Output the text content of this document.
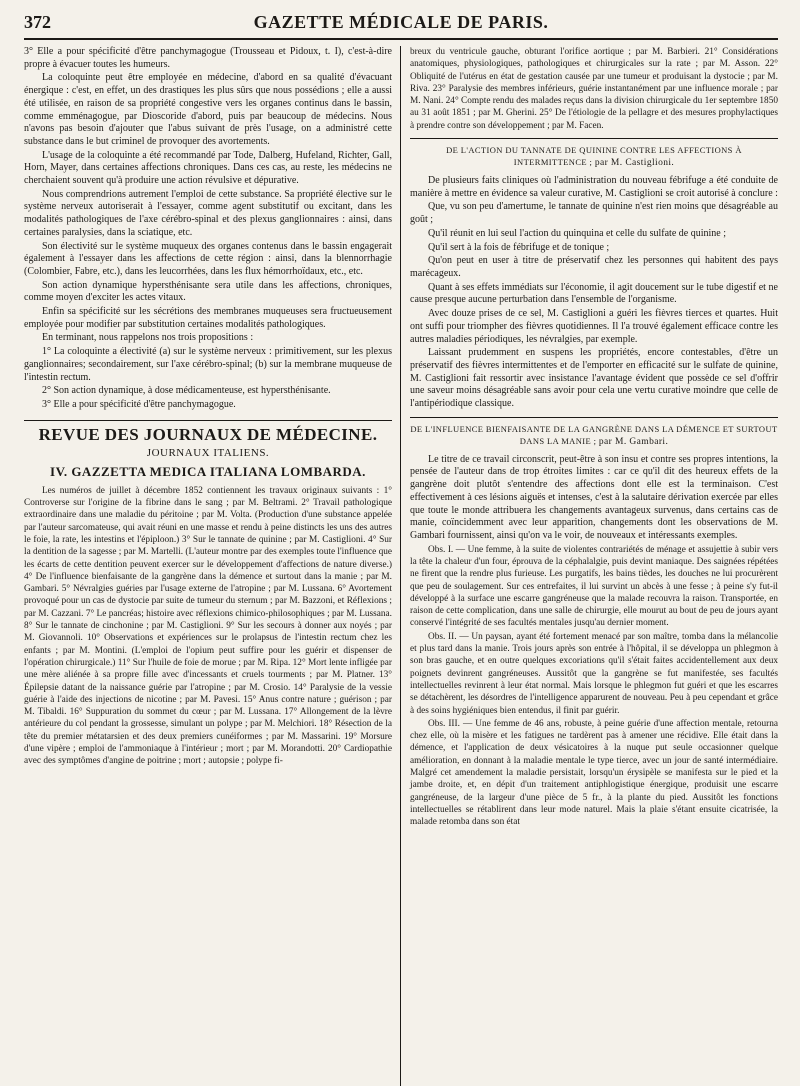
372	GAZETTE MÉDICALE DE PARIS.

3° Elle a pour spécificité d'être panchymagogue (Trousseau et Pidoux, t. I), c'est-à-dire propre à évacuer toutes les humeurs.

La coloquinte peut être employée en médecine, d'abord en sa qualité d'évacuant énergique : c'est, en effet, un des drastiques les plus sûrs que nous possédions ; elle a aussi été utilisée, en raison de sa propriété congestive vers les organes continus dans le bassin, comme emménagogue, par Dioscoride d'abord, puis par beaucoup de médecins. Nous n'avons pas besoin d'ajouter que l'abus suivant de près l'usage, on a administré cette substance dans le but criminel de provoquer des avortements.

L'usage de la coloquinte a été recommandé par Tode, Dalberg, Hufeland, Richter, Gall, Horn, Mayer, dans certaines affections chroniques. Dans ces cas, au reste, les médecins ne cherchaient souvent qu'à produire une action révulsive et dépurative.

Nous comprendrions autrement l'emploi de cette substance. Sa propriété élective sur le système nerveux autoriserait à l'essayer, comme agent substitutif ou excitant, dans les modalités pathologiques de l'axe cérébro-spinal et des plexus ganglionnaires : ainsi, dans certaines paralysies, dans la sciatique, etc.

Son électivité sur le système muqueux des organes contenus dans le bassin engagerait également à l'essayer dans les affections de cette région : ainsi, dans la blennorrhagie (Colombier, Fabre, etc.), dans les leucorrhées, dans les flux hémorrhoïdaux, etc., etc.

Son action dynamique hypersthénisante sera utile dans les affections, chroniques, comme moyen d'exciter les actes vitaux.

Enfin sa spécificité sur les sécrétions des membranes muqueuses sera fructueusement employée pour modifier par substitution certaines modalités pathologiques.

En terminant, nous rappelons nos trois propositions :

1° La coloquinte a électivité (a) sur le système nerveux : primitivement, sur les plexus ganglionnaires; secondairement, sur l'axe cérébro-spinal; (b) sur la membrane muqueuse de l'intestin rectum.

2° Son action dynamique, à dose médicamenteuse, est hypersthénisante.

3° Elle a pour spécificité d'être panchymagogue.

REVUE DES JOURNAUX DE MÉDECINE.
JOURNAUX ITALIENS.
IV. GAZZETTA MEDICA ITALIANA LOMBARDA.

Les numéros de juillet à décembre 1852 contiennent les travaux originaux suivants : 1° Controverse sur l'origine de la fibrine dans le sang ; par M. Beltrami. 2° Travail pathologique extraordinaire dans une maladie du péritoine ; par M. Volta. (Production d'une substance appelée par l'auteur sarcomateuse, qui avait réuni en une masse et rendu à peine distincts les uns des autres le foie, la rate, les intestins et l'épiploon.) 3° Sur le tannate de quinine ; par M. Castiglioni. 4° Sur la dentition de la sagesse ; par M. Martelli. (L'auteur montre par des exemples toute l'influence que les écarts de cette dentition peuvent exercer sur le développement d'affections de nature diverse.) 4° De l'influence bienfaisante de la gangrène dans la démence et surtout dans la manie ; par M. Gambari. 5° Névralgies guéries par l'usage externe de l'atropine ; par M. Lussana. 6° Avortement provoqué pour un cas de dystocie par suite de tumeur du sternum ; par M. Bazzoni, et Réflexions ; par M. Cazzani. 7° Le pancréas; histoire avec réflexions chimico-philosophiques ; par M. Lussana. 8° Sur le tannate de cinchonine ; par M. Castiglioni. 9° Sur les secours à donner aux noyés ; par M. Giovannoli. 10° Observations et expériences sur le prolapsus de l'intestin rectum chez les enfants ; par M. Montini. (L'emploi de l'opium peut suffire pour les guérir et dispenser de l'opération chirurgicale.) 11° Sur l'huile de foie de morue ; par M. Ripa. 12° Mort lente infligée par une mère aliénée à sa propre fille avec d'incessants et cruels tourments ; par M. Platner. 13° Épilepsie datant de la naissance guérie par l'atropine ; par M. Crosio. 14° Paralysie de la vessie guérie à l'aide des injections de nicotine ; par M. Pavesi. 15° Anus contre nature ; guérison ; par M. Tibaldi. 16° Suppuration du sommet du cœur ; par M. Lussana. 17° Allongement de la lèvre antérieure du col pendant la grossesse, simulant un polype ; par M. Melchiori. 18° Résection de la tête du premier métatarsien et des deux premiers cunéiformes ; par M. Massarini. 19° Morsure d'une vipère ; emploi de l'ammoniaque à l'intérieur ; mort ; par M. Morandotti. 20° Cardiopathie avec des symptômes d'angine de poitrine ; mort ; autopsie ; polype fi-

breux du ventricule gauche, obturant l'orifice aortique ; par M. Barbieri. 21° Considérations anatomiques, physiologiques, pathologiques et chirurgicales sur la rate ; par M. Asson. 22° Obliquité de l'utérus en état de gestation causée par une tumeur et produisant la dystocie ; par M. Riva. 23° Paralysie des membres inférieurs, guérie instantanément par une influence morale ; par M. Nani. 24° Compte rendu des malades reçus dans la division chirurgicale du 1er septembre 1850 au 31 août 1851 ; par M. Gherini. 25° De l'étiologie de la pellagre et des mesures prophylactiques à prendre contre son développement ; par M. Facen.

DE L'ACTION DU TANNATE DE QUININE CONTRE LES AFFECTIONS À INTERMITTENCE ; par M. Castiglioni.

De plusieurs faits cliniques où l'administration du nouveau fébrifuge a été conduite de manière à mettre en évidence sa valeur curative, M. Castiglioni se croit autorisé à conclure :

Que, vu son peu d'amertume, le tannate de quinine n'est rien moins que désagréable au goût ;

Qu'il réunit en lui seul l'action du quinquina et celle du sulfate de quinine ;

Qu'il sert à la fois de fébrifuge et de tonique ;

Qu'on peut en user à titre de préservatif chez les personnes qui habitent des pays marécageux.

Quant à ses effets immédiats sur l'économie, il agit doucement sur le tube digestif et ne cause presque aucune perturbation dans l'ensemble de l'organisme.

Avec douze prises de ce sel, M. Castiglioni a guéri les fièvres tierces et quartes. Huit ont suffi pour triompher des fièvres quotidiennes. Il l'a trouvé également efficace contre les autres maladies périodiques, les névralgies, par exemple.

Laissant prudemment en suspens les propriétés, encore contestables, d'être un préservatif des fièvres intermittentes et de l'emporter en efficacité sur le sulfate de quinine, M. Castiglioni fait ressortir avec insistance l'avantage évident que possède ce sel d'offrir une saveur moins désagréable sans avoir pour cela une vertu curative moindre que celle de l'antipériodique classique.

DE L'INFLUENCE BIENFAISANTE DE LA GANGRÈNE DANS LA DÉMENCE ET SURTOUT DANS LA MANIE ; par M. Gambari.

Le titre de ce travail circonscrit, peut-être à son insu et contre ses propres intentions, la pensée de l'auteur dans de trop étroites limites : car ce qu'il dit des heureux effets de la gangrène doit plutôt s'entendre des affections dont elle est la terminaison. C'est effectivement à ces lésions aiguës et intenses, c'est à la salutaire dérivation exercée par elles que toute le monde attribuera les changements avantageux survenus, dans certains cas de manie, coïncidemment avec leur apparition, changements dont les observations de M. Gambari fournissent, ainsi qu'on va le voir, de nouveaux et intéressants exemples.

Obs. I. — Une femme, à la suite de violentes contrariétés de ménage et assujettie à subir vers la tête la chaleur d'un four, éprouva de la céphalalgie, puis devint maniaque. Des saignées répétées ne firent que la rendre plus furieuse. Les purgatifs, les bains tièdes, les douches ne lui procurèrent que peu de soulagement. Sur ces entrefaites, il lui survint un abcès à une fesse ; à peine s'y fut-il développé à la surface une escarre gangréneuse que la malade recouvra la raison. Transportée, en raison de cette complication, dans une salle de chirurgie, elle mourut au bout de peu de jours ayant conservé l'intégrité de ses facultés mentales jusqu'au dernier moment.

Obs. II. — Un paysan, ayant été fortement menacé par son maître, tomba dans la mélancolie et plus tard dans la manie. Trois jours après son entrée à l'hôpital, il se développa un phlegmon à son bras gauche, et en outre quelques excoriations qu'il s'était faites accidentellement aux deux poignets devinrent gangréneuses. Aussitôt que la gangrène se fut manifestée, ses facultés intellectuelles revinrent à leur état normal. Mais lorsque le phlegmon fut guéri et que les escarres se détachèrent, les désordres de l'intelligence apparurent de nouveau. Peu à peu cependant et grâce à des soins hygiéniques bien entendus, il finit par guérir.

Obs. III. — Une femme de 46 ans, robuste, à peine guérie d'une affection mentale, retourna chez elle, où la misère et les fatigues ne tardèrent pas à amener une récidive. Elle était dans la démence, et l'application de deux vésicatoires à la nuque put seule occasionner quelque amélioration, en donnant à la maladie mentale le type tierce, avec un jour de santé intermédiaire. Malgré cet amendement la maladie persistait, lorsqu'un érysipèle se manifesta sur le pied et la jambe droite, et, en dépit d'un traitement antiphlogistique énergique, produisit une escarre gangréneuse, de la largeur d'une pièce de 5 fr., à la plante du pied. Aussitôt les fonctions intellectuelles se rétablirent dans leur mode naturel. Mais la plaie s'étant ensuite cicatrisée, la malade retomba dans son état
